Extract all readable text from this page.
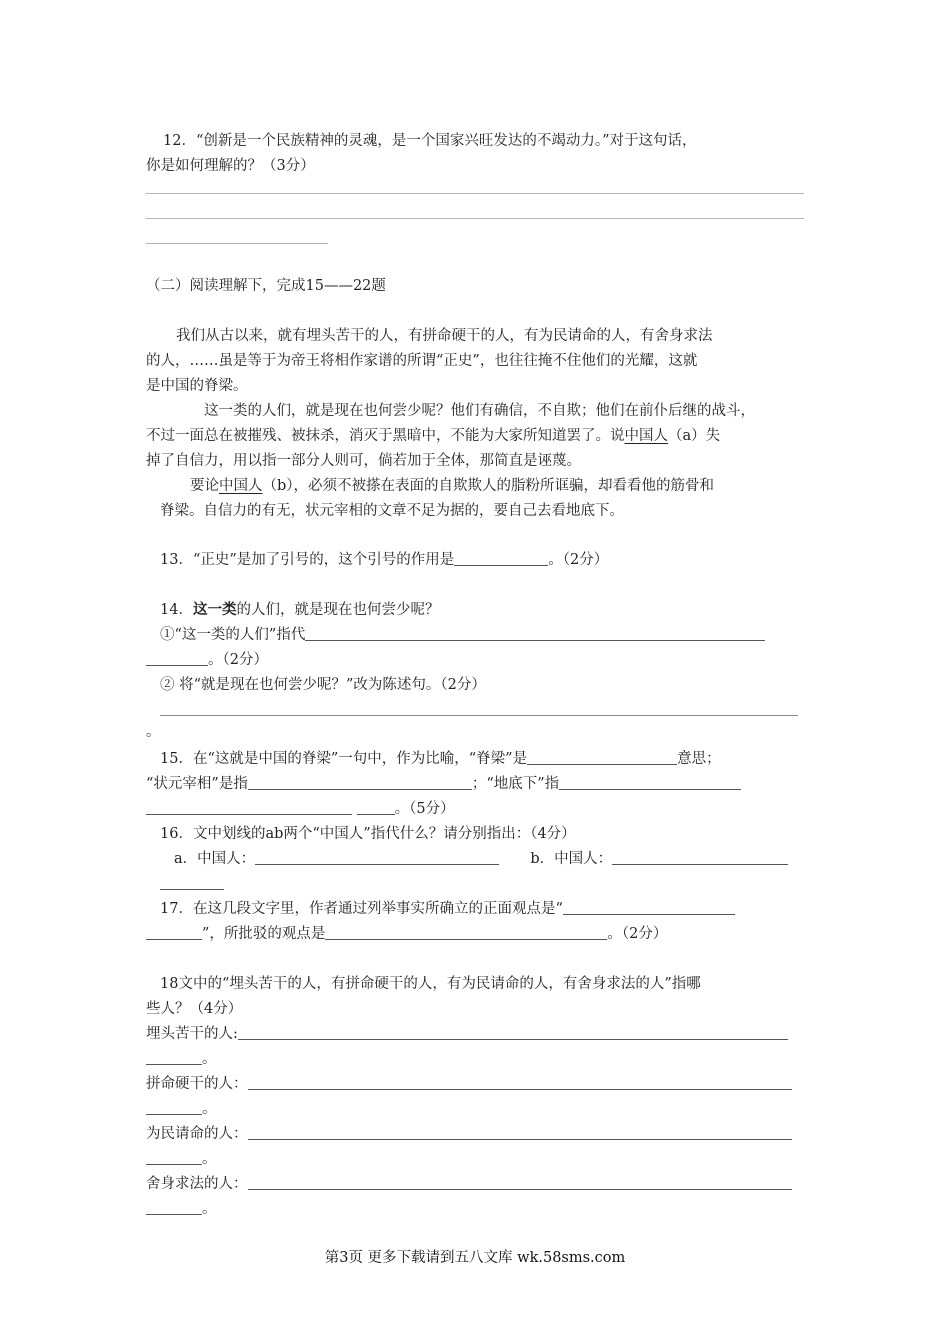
12．“创新是一个民族精神的灵魂，是一个国家兴旺发达的不竭动力。”对于这句话，
你是如何理解的？（3分）
（二）阅读理解下，完成15——22题
我们从古以来，就有埋头苦干的人，有拼命硬干的人，有为民请命的人，有舍身求法
的人，……虽是等于为帝王将相作家谱的所谓“正史”，也往往掩不住他们的光耀，这就
是中国的脊梁。
这一类的人们，就是现在也何尝少呢？他们有确信，不自欺；他们在前仆后继的战斗，
不过一面总在被摧残、被抹杀，消灭于黑暗中，不能为大家所知道罢了。说中国人（a）失
掉了自信力，用以指一部分人则可，倘若加于全体，那简直是诬蔑。
要论中国人（b），必须不被搽在表面的自欺欺人的脂粉所诓骗，却看看他的筋骨和
脊梁。自信力的有无，状元宰相的文章不足为据的，要自己去看地底下。
13．“正史”是加了引号的，这个引号的作用是	。（2分）
14．这一类的人们，就是现在也何尝少呢？
①“这一类的人们”指代
。（2分）
② 将“就是现在也何尝少呢？”改为陈述句。（2分）
。
15．在“这就是中国的脊梁”一句中，作为比喻，“脊梁”是	意思；
“状元宰相”是指	；“地底下”指
。（5分）
16．文中划线的ab两个“中国人”指代什么？请分别指出：（4分）
a．中国人：	b．中国人：
17．在这几段文字里，作者通过列举事实所确立的正面观点是“
”，所批驳的观点是	。（2分）
18文中的“埋头苦干的人，有拼命硬干的人，有为民请命的人，有舍身求法的人”指哪
些人？（4分）
埋头苦干的人:
。
拼命硬干的人：
。
为民请命的人：
。
舍身求法的人：
。
第3页 更多下载请到五八文库 wk.58sms.com
